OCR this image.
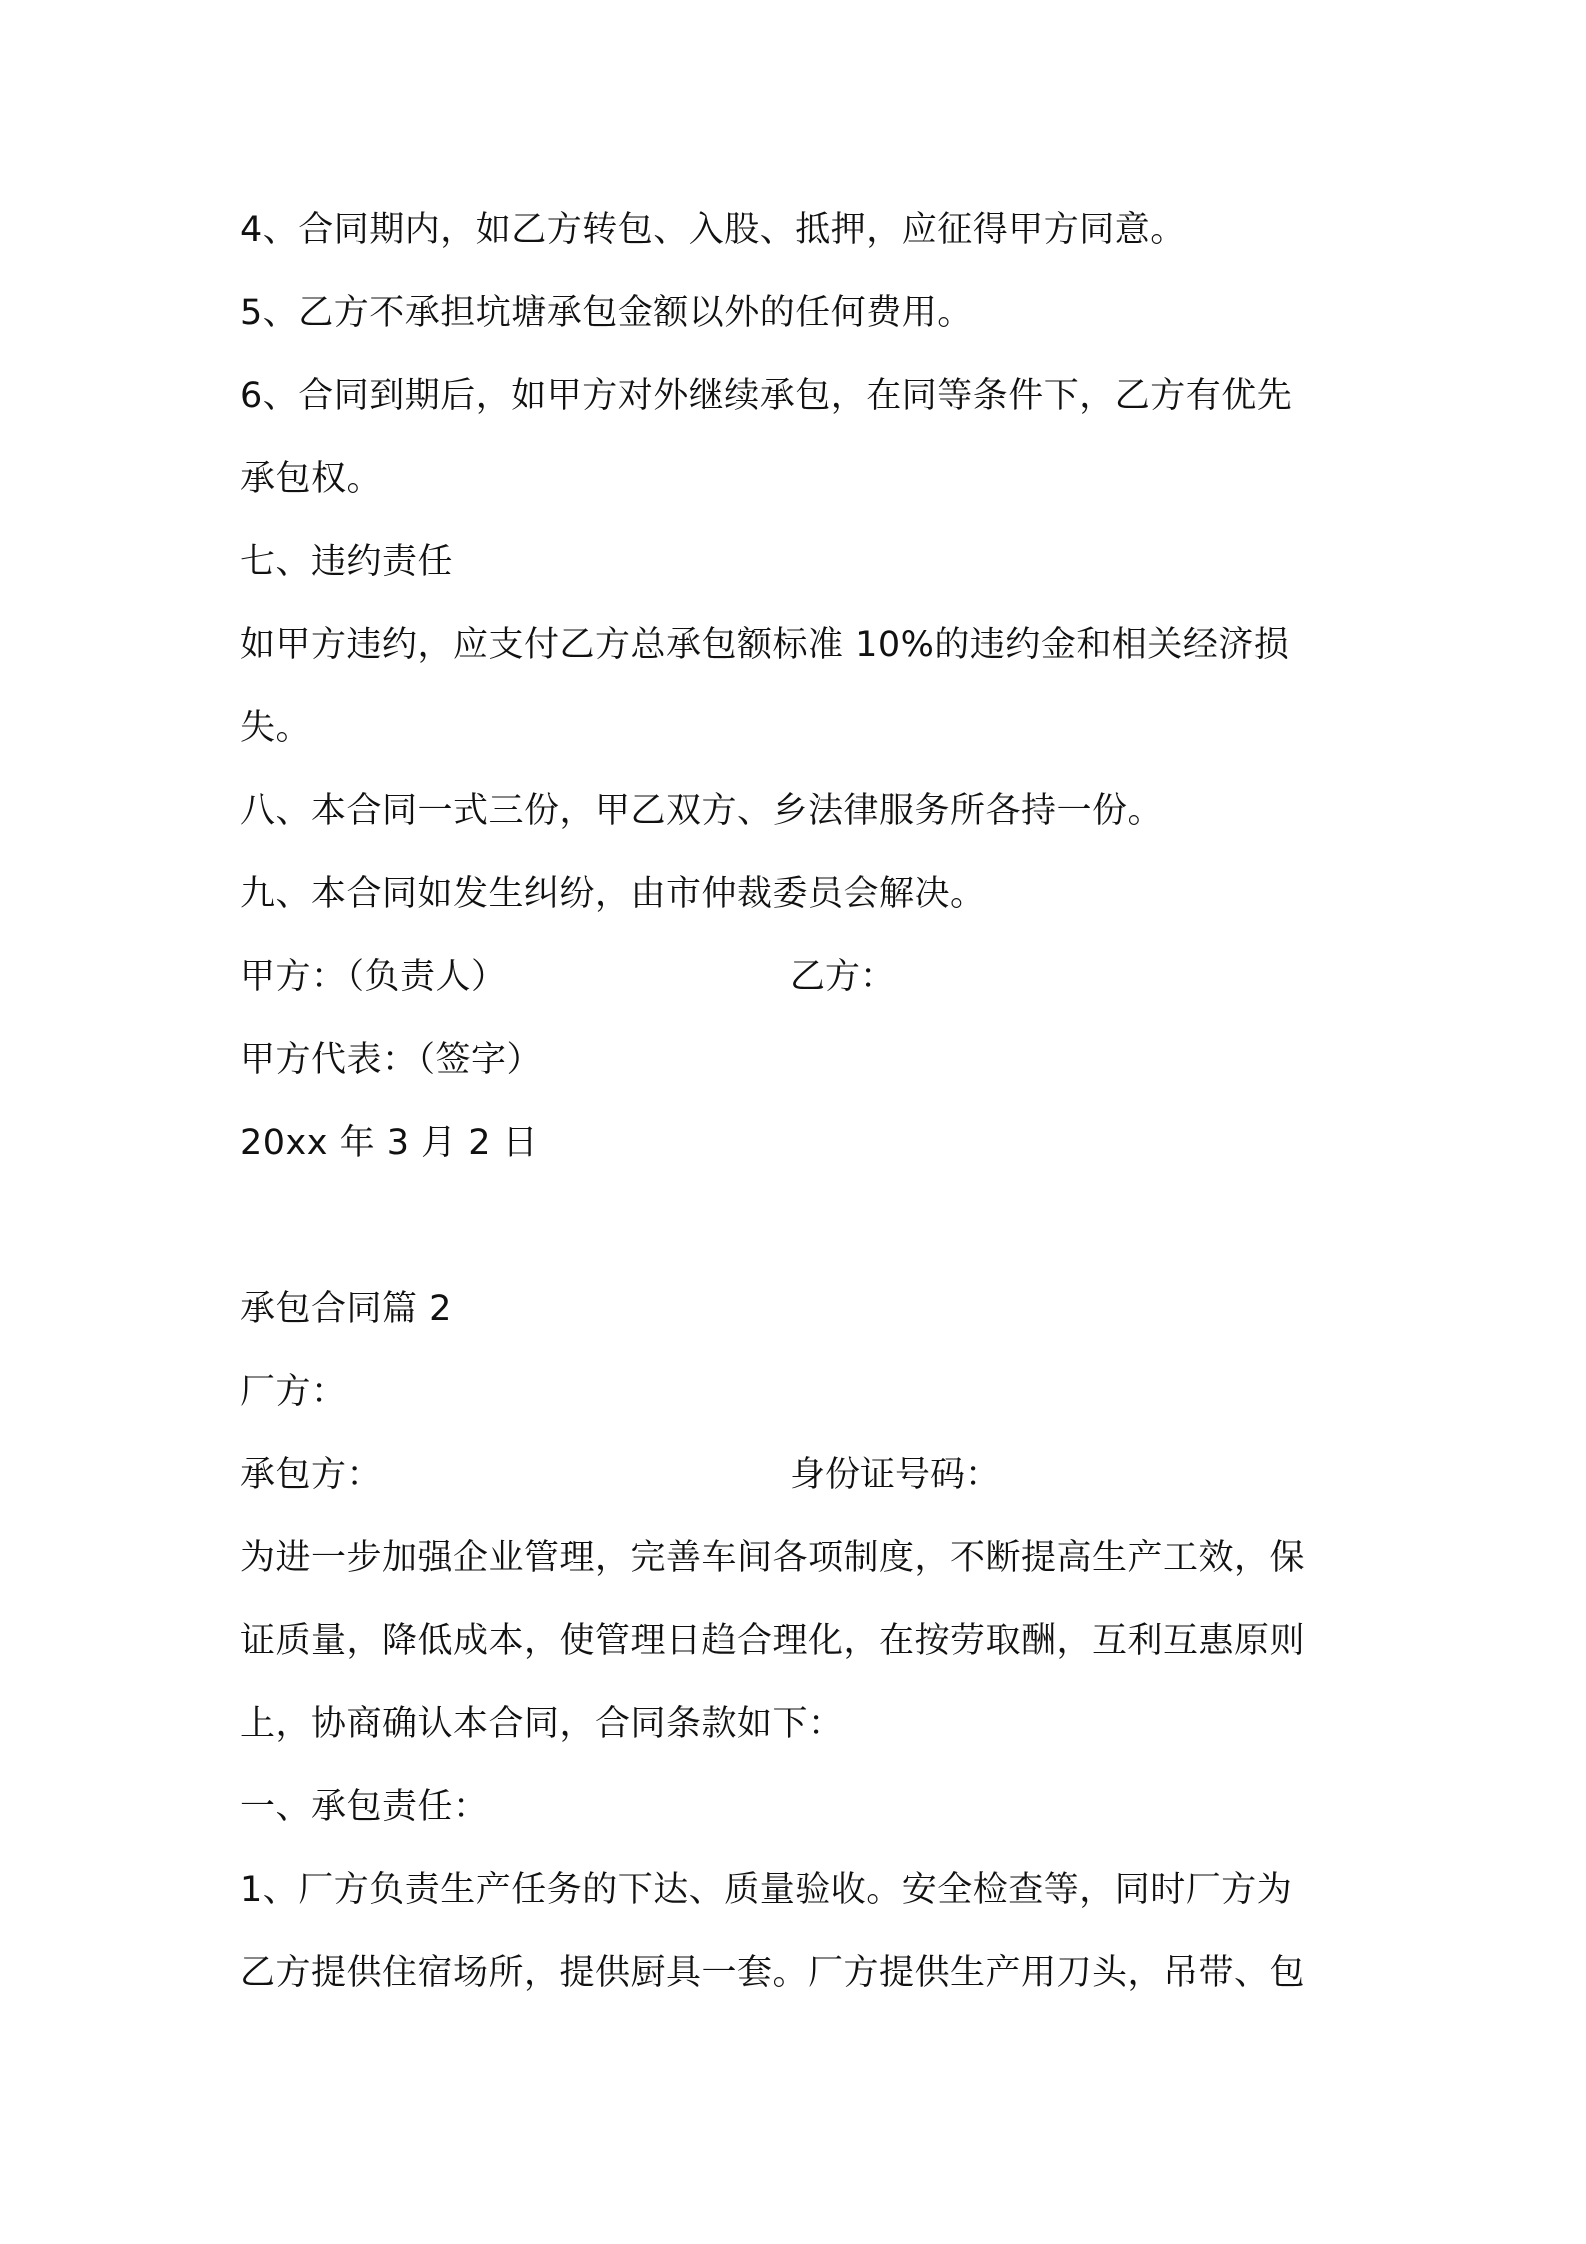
4、合同期内，如乙方转包、入股、抵押，应征得甲方同意。
5、乙方不承担坑塘承包金额以外的任何费用。
6、合同到期后，如甲方对外继续承包，在同等条件下，乙方有优先
承包权。
七、违约责任
如甲方违约，应支付乙方总承包额标准 10%的违约金和相关经济损
失。
八、本合同一式三份，甲乙双方、乡法律服务所各持一份。
九、本合同如发生纠纷，由市仲裁委员会解决。
甲方：（负责人）	乙方：
甲方代表：（签字）
20xx 年 3 月 2 日
承包合同篇 2
厂方：
承包方：	身份证号码：
为进一步加强企业管理，完善车间各项制度，不断提高生产工效，保
证质量，降低成本，使管理日趋合理化，在按劳取酬，互利互惠原则
上，协商确认本合同，合同条款如下：
一、承包责任：
1、厂方负责生产任务的下达、质量验收。安全检查等，同时厂方为
乙方提供住宿场所，提供厨具一套。厂方提供生产用刀头，吊带、包
